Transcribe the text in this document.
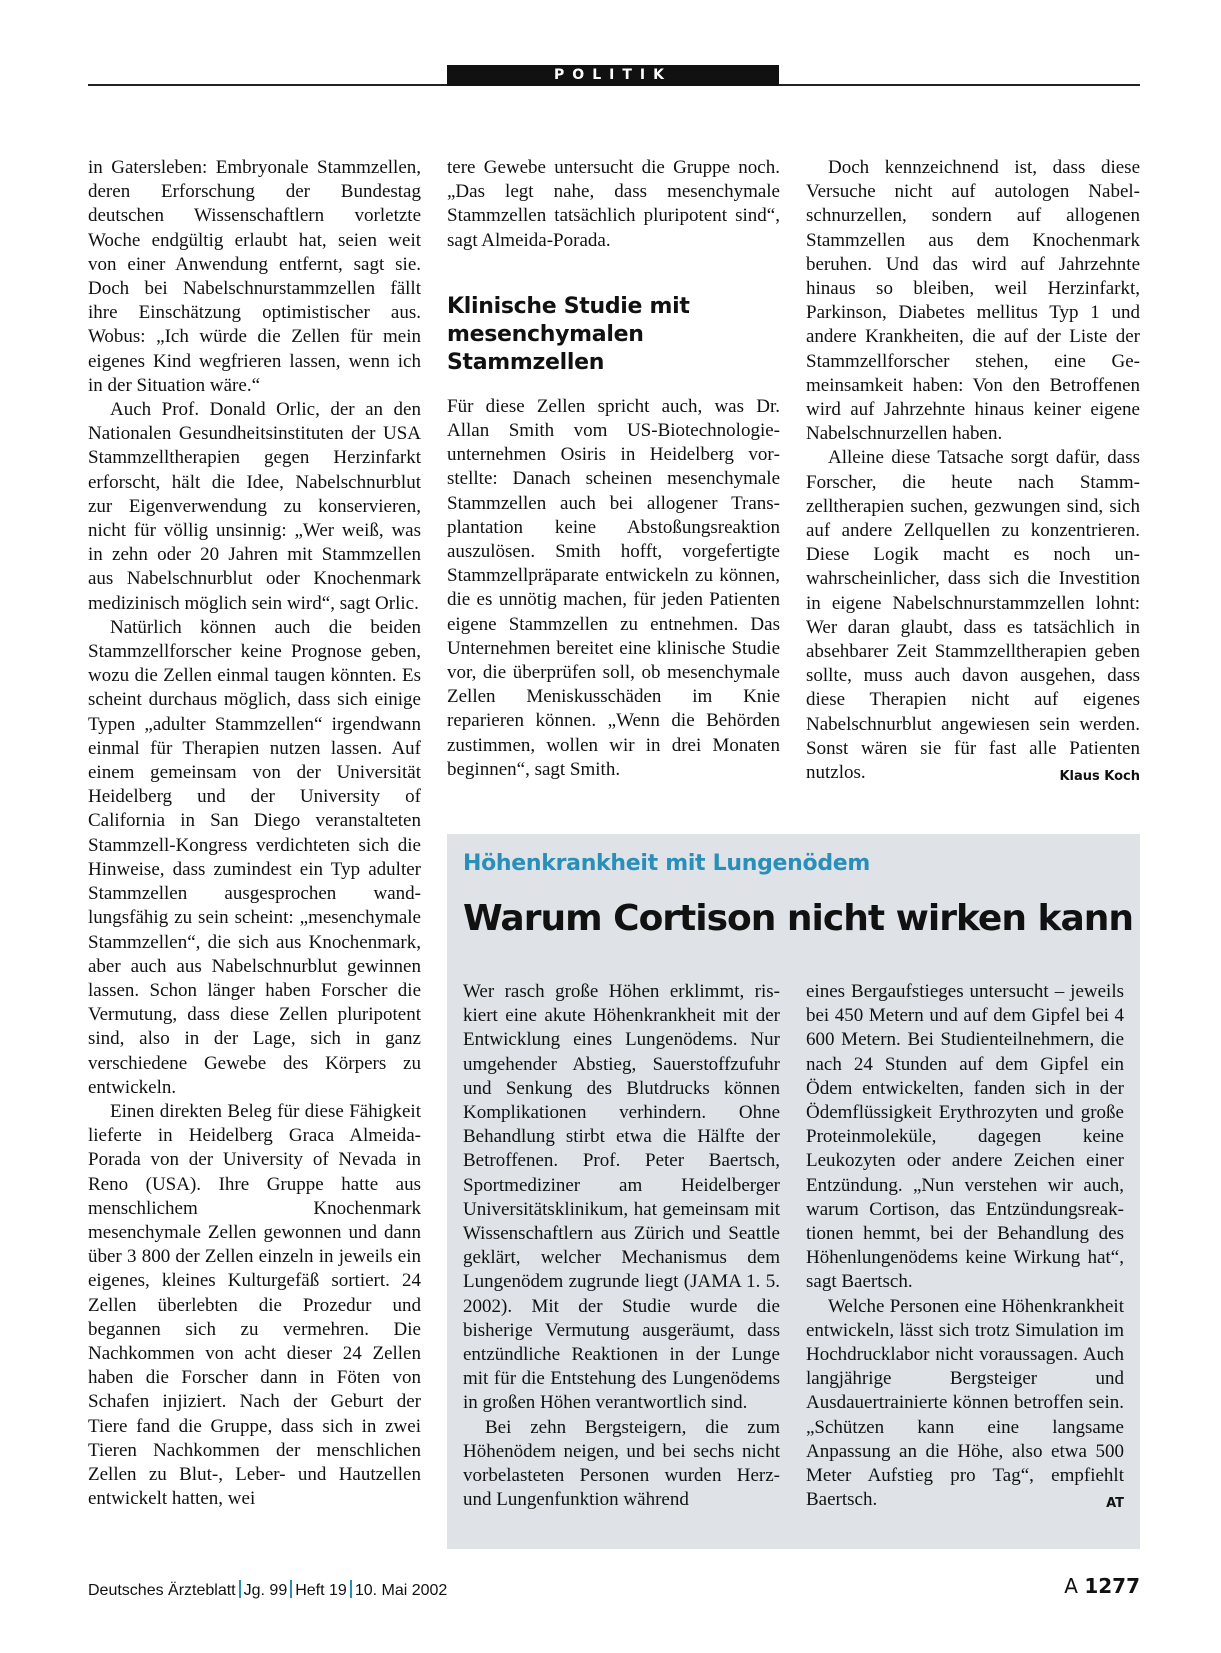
POLITIK

in Gatersleben: Embryonale Stammzellen, deren Erforschung der Bundestag deutschen Wissenschaftlern vorletzte Woche endgültig erlaubt hat, seien weit von einer Anwendung entfernt, sagt sie. Doch bei Nabelschnurstammzellen fällt ihre Einschätzung optimistischer aus. Wobus: „Ich würde die Zellen für mein eigenes Kind wegfrieren lassen, wenn ich in der Situation wäre.“

Auch Prof. Donald Orlic, der an den Nationalen Gesundheitsinstituten der USA Stammzelltherapien gegen Herzinfarkt erforscht, hält die Idee, Nabelschnurblut zur Eigenverwendung zu konservieren, nicht für völlig unsinnig: „Wer weiß, was in zehn oder 20 Jahren mit Stammzellen aus Nabelschnurblut oder Knochenmark medizinisch möglich sein wird“, sagt Orlic.

Natürlich können auch die beiden Stammzellforscher keine Prognose geben, wozu die Zellen einmal taugen könnten. Es scheint durchaus möglich, dass sich einige Typen „adulter Stammzellen“ irgendwann einmal für Therapien nutzen lassen. Auf einem gemeinsam von der Universität Heidelberg und der University of California in San Diego veranstalteten Stammzell-Kongress verdichteten sich die Hinweise, dass zumindest ein Typ adulter Stammzellen ausgesprochen wandlungsfähig zu sein scheint: „mesenchymale Stammzellen“, die sich aus Knochenmark, aber auch aus Nabelschnurblut gewinnen lassen. Schon länger haben Forscher die Vermutung, dass diese Zellen pluripotent sind, also in der Lage, sich in ganz verschiedene Gewebe des Körpers zu entwickeln.

Einen direkten Beleg für diese Fähigkeit lieferte in Heidelberg Graca Almeida-Porada von der University of Nevada in Reno (USA). Ihre Gruppe hatte aus menschlichem Knochenmark mesenchymale Zellen gewonnen und dann über 3 800 der Zellen einzeln in jeweils ein eigenes, kleines Kulturgefäß sortiert. 24 Zellen überlebten die Prozedur und begannen sich zu vermehren. Die Nachkommen von acht dieser 24 Zellen haben die Forscher dann in Föten von Schafen injiziert. Nach der Geburt der Tiere fand die Gruppe, dass sich in zwei Tieren Nachkommen der menschlichen Zellen zu Blut-, Leber- und Hautzellen entwickelt hatten, wei

tere Gewebe untersucht die Gruppe noch. „Das legt nahe, dass mesenchymale Stammzellen tatsächlich pluripotent sind“, sagt Almeida-Porada.

Klinische Studie mit mesenchymalen Stammzellen

Für diese Zellen spricht auch, was Dr. Allan Smith vom US-Biotechnologieunternehmen Osiris in Heidelberg vorstellte: Danach scheinen mesenchymale Stammzellen auch bei allogener Transplantation keine Abstoßungsreaktion auszulösen. Smith hofft, vorgefertigte Stammzellpräparate entwickeln zu können, die es unnötig machen, für jeden Patienten eigene Stammzellen zu entnehmen. Das Unternehmen bereitet eine klinische Studie vor, die überprüfen soll, ob mesenchymale Zellen Meniskusschäden im Knie reparieren können. „Wenn die Behörden zustimmen, wollen wir in drei Monaten beginnen“, sagt Smith.

Doch kennzeichnend ist, dass diese Versuche nicht auf autologen Nabelschnurzellen, sondern auf allogenen Stammzellen aus dem Knochenmark beruhen. Und das wird auf Jahrzehnte hinaus so bleiben, weil Herzinfarkt, Parkinson, Diabetes mellitus Typ 1 und andere Krankheiten, die auf der Liste der Stammzellforscher stehen, eine Gemeinsamkeit haben: Von den Betroffenen wird auf Jahrzehnte hinaus keiner eigene Nabelschnurzellen haben.

Alleine diese Tatsache sorgt dafür, dass Forscher, die heute nach Stammzelltherapien suchen, gezwungen sind, sich auf andere Zellquellen zu konzentrieren. Diese Logik macht es noch unwahrscheinlicher, dass sich die Investition in eigene Nabelschnurstammzellen lohnt: Wer daran glaubt, dass es tatsächlich in absehbarer Zeit Stammzelltherapien geben sollte, muss auch davon ausgehen, dass diese Therapien nicht auf eigenes Nabelschnurblut angewiesen sein werden. Sonst wären sie für fast alle Patienten nutzlos.	Klaus Koch

Höhenkrankheit mit Lungenödem
Warum Cortison nicht wirken kann

Wer rasch große Höhen erklimmt, riskiert eine akute Höhenkrankheit mit der Entwicklung eines Lungenödems. Nur umgehender Abstieg, Sauerstoffzufuhr und Senkung des Blutdrucks können Komplikationen verhindern. Ohne Behandlung stirbt etwa die Hälfte der Betroffenen. Prof. Peter Baertsch, Sportmediziner am Heidelberger Universitätsklinikum, hat gemeinsam mit Wissenschaftlern aus Zürich und Seattle geklärt, welcher Mechanismus dem Lungenödem zugrunde liegt (JAMA 1. 5. 2002). Mit der Studie wurde die bisherige Vermutung ausgeräumt, dass entzündliche Reaktionen in der Lunge mit für die Entstehung des Lungenödems in großen Höhen verantwortlich sind.

Bei zehn Bergsteigern, die zum Höhenödem neigen, und bei sechs nicht vorbelasteten Personen wurden Herz- und Lungenfunktion während

eines Bergaufstieges untersucht – jeweils bei 450 Metern und auf dem Gipfel bei 4 600 Metern. Bei Studienteilnehmern, die nach 24 Stunden auf dem Gipfel ein Ödem entwickelten, fanden sich in der Ödemflüssigkeit Erythrozyten und große Proteinmoleküle, dagegen keine Leukozyten oder andere Zeichen einer Entzündung. „Nun verstehen wir auch, warum Cortison, das Entzündungsreaktionen hemmt, bei der Behandlung des Höhenlungenödems keine Wirkung hat“, sagt Baertsch.

Welche Personen eine Höhenkrankheit entwickeln, lässt sich trotz Simulation im Hochdrucklabor nicht voraussagen. Auch langjährige Bergsteiger und Ausdauertrainierte können betroffen sein. „Schützen kann eine langsame Anpassung an die Höhe, also etwa 500 Meter Aufstieg pro Tag“, empfiehlt Baertsch.	AT

Deutsches Ärzteblatt Jg. 99 Heft 19 10. Mai 2002	A 1277
